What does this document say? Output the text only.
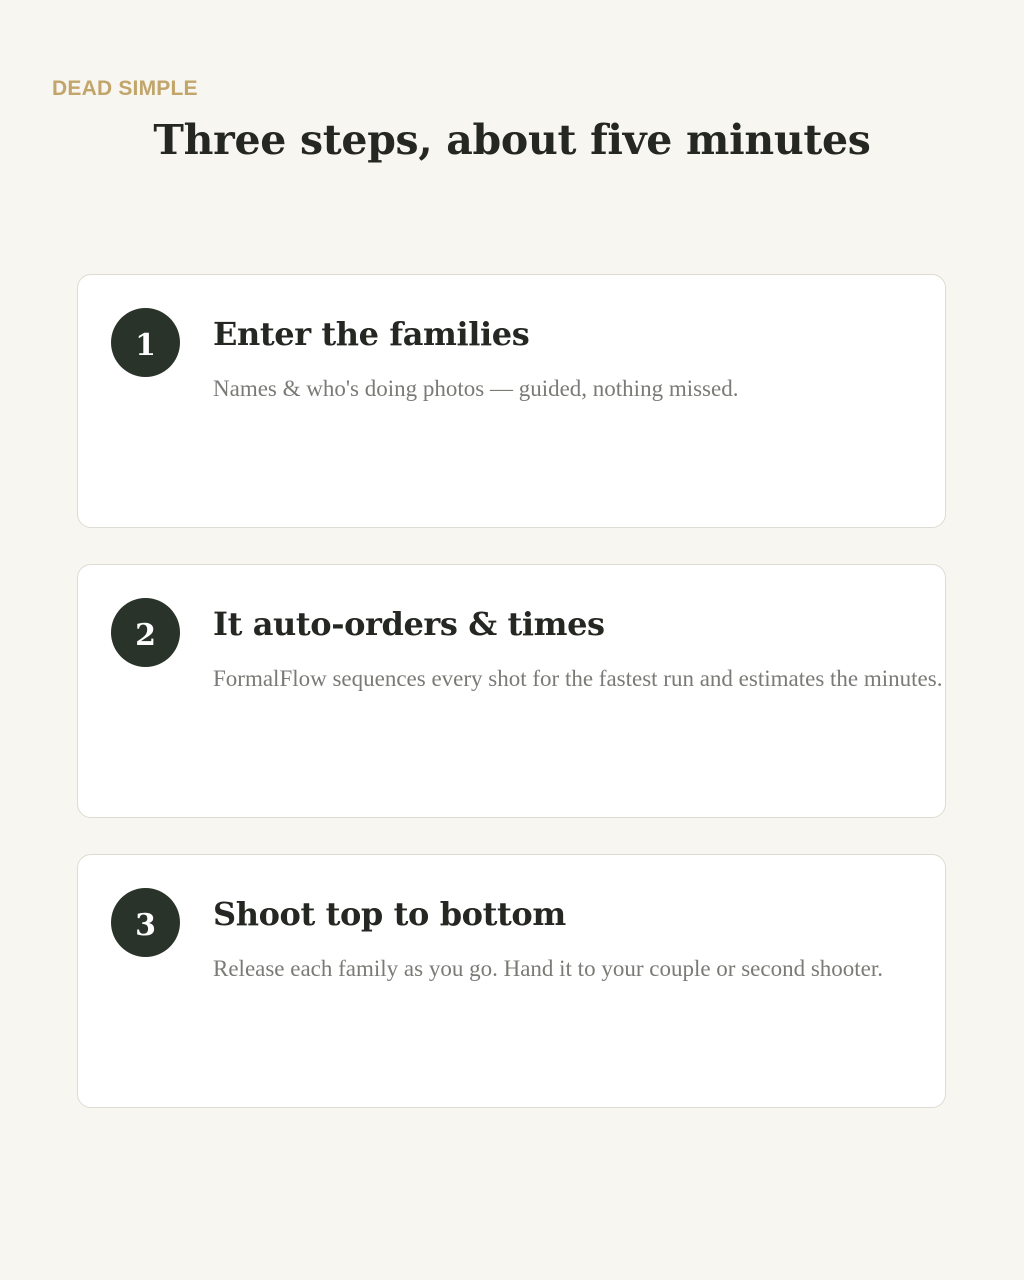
DEAD SIMPLE

Three steps, about five minutes
1	Enter the families

Names & who's doing photos — guided, nothing missed.

2	It auto-orders & times

FormalFlow sequences every shot for the fastest run and estimates the minutes.

3	Shoot top to bottom

Release each family as you go. Hand it to your couple or second shooter.
